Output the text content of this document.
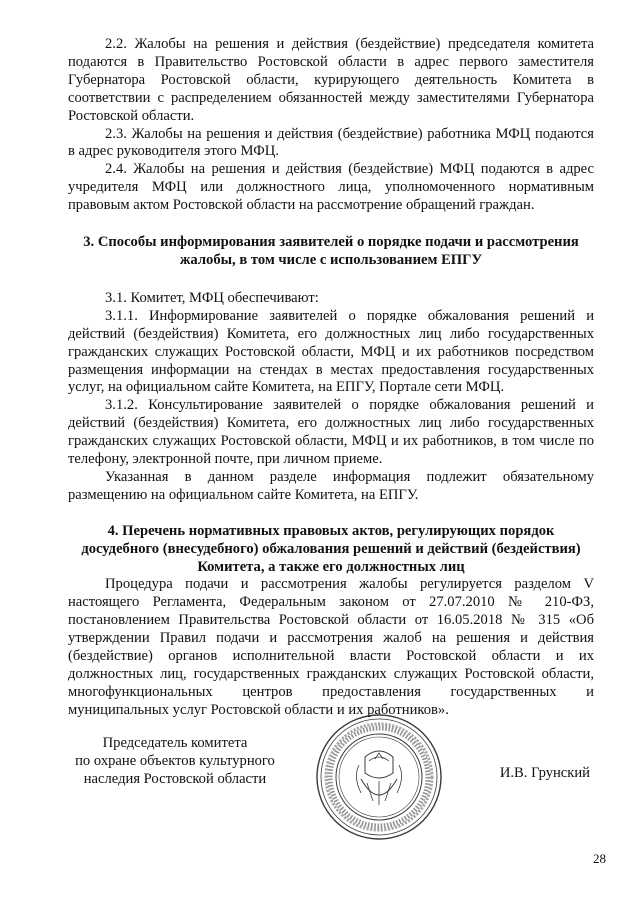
2.2. Жалобы на решения и действия (бездействие) председателя комитета подаются в Правительство Ростовской области в адрес первого заместителя Губернатора Ростовской области, курирующего деятельность Комитета в соответствии с распределением обязанностей между заместителями Губернатора Ростовской области.

2.3. Жалобы на решения и действия (бездействие) работника МФЦ подаются в адрес руководителя этого МФЦ.

2.4. Жалобы на решения и действия (бездействие) МФЦ подаются в адрес учредителя МФЦ или должностного лица, уполномоченного нормативным правовым актом Ростовской области на рассмотрение обращений граждан.

3. Способы информирования заявителей о порядке подачи и рассмотрения жалобы, в том числе с использованием ЕПГУ

3.1. Комитет, МФЦ обеспечивают:

3.1.1. Информирование заявителей о порядке обжалования решений и действий (бездействия) Комитета, его должностных лиц либо государственных гражданских служащих Ростовской области, МФЦ и их работников посредством размещения информации на стендах в местах предоставления государственных услуг, на официальном сайте Комитета, на ЕПГУ, Портале сети МФЦ.

3.1.2. Консультирование заявителей о порядке обжалования решений и действий (бездействия) Комитета, его должностных лиц либо государственных гражданских служащих Ростовской области, МФЦ и их работников, в том числе по телефону, электронной почте, при личном приеме.

Указанная в данном разделе информация подлежит обязательному размещению на официальном сайте Комитета, на ЕПГУ.

4. Перечень нормативных правовых актов, регулирующих порядок досудебного (внесудебного) обжалования решений и действий (бездействия) Комитета, а также его должностных лиц

Процедура подачи и рассмотрения жалобы регулируется разделом V настоящего Регламента, Федеральным законом от 27.07.2010 № 210-ФЗ, постановлением Правительства Ростовской области от 16.05.2018 № 315 «Об утверждении Правил подачи и рассмотрения жалоб на решения и действия (бездействие) органов исполнительной власти Ростовской области и их должностных лиц, государственных гражданских служащих Ростовской области, многофункциональных центров предоставления государственных и муниципальных услуг Ростовской области и их работников».

Председатель комитета
по охране объектов культурного
наследия Ростовской области	И.В. Грунский
28
